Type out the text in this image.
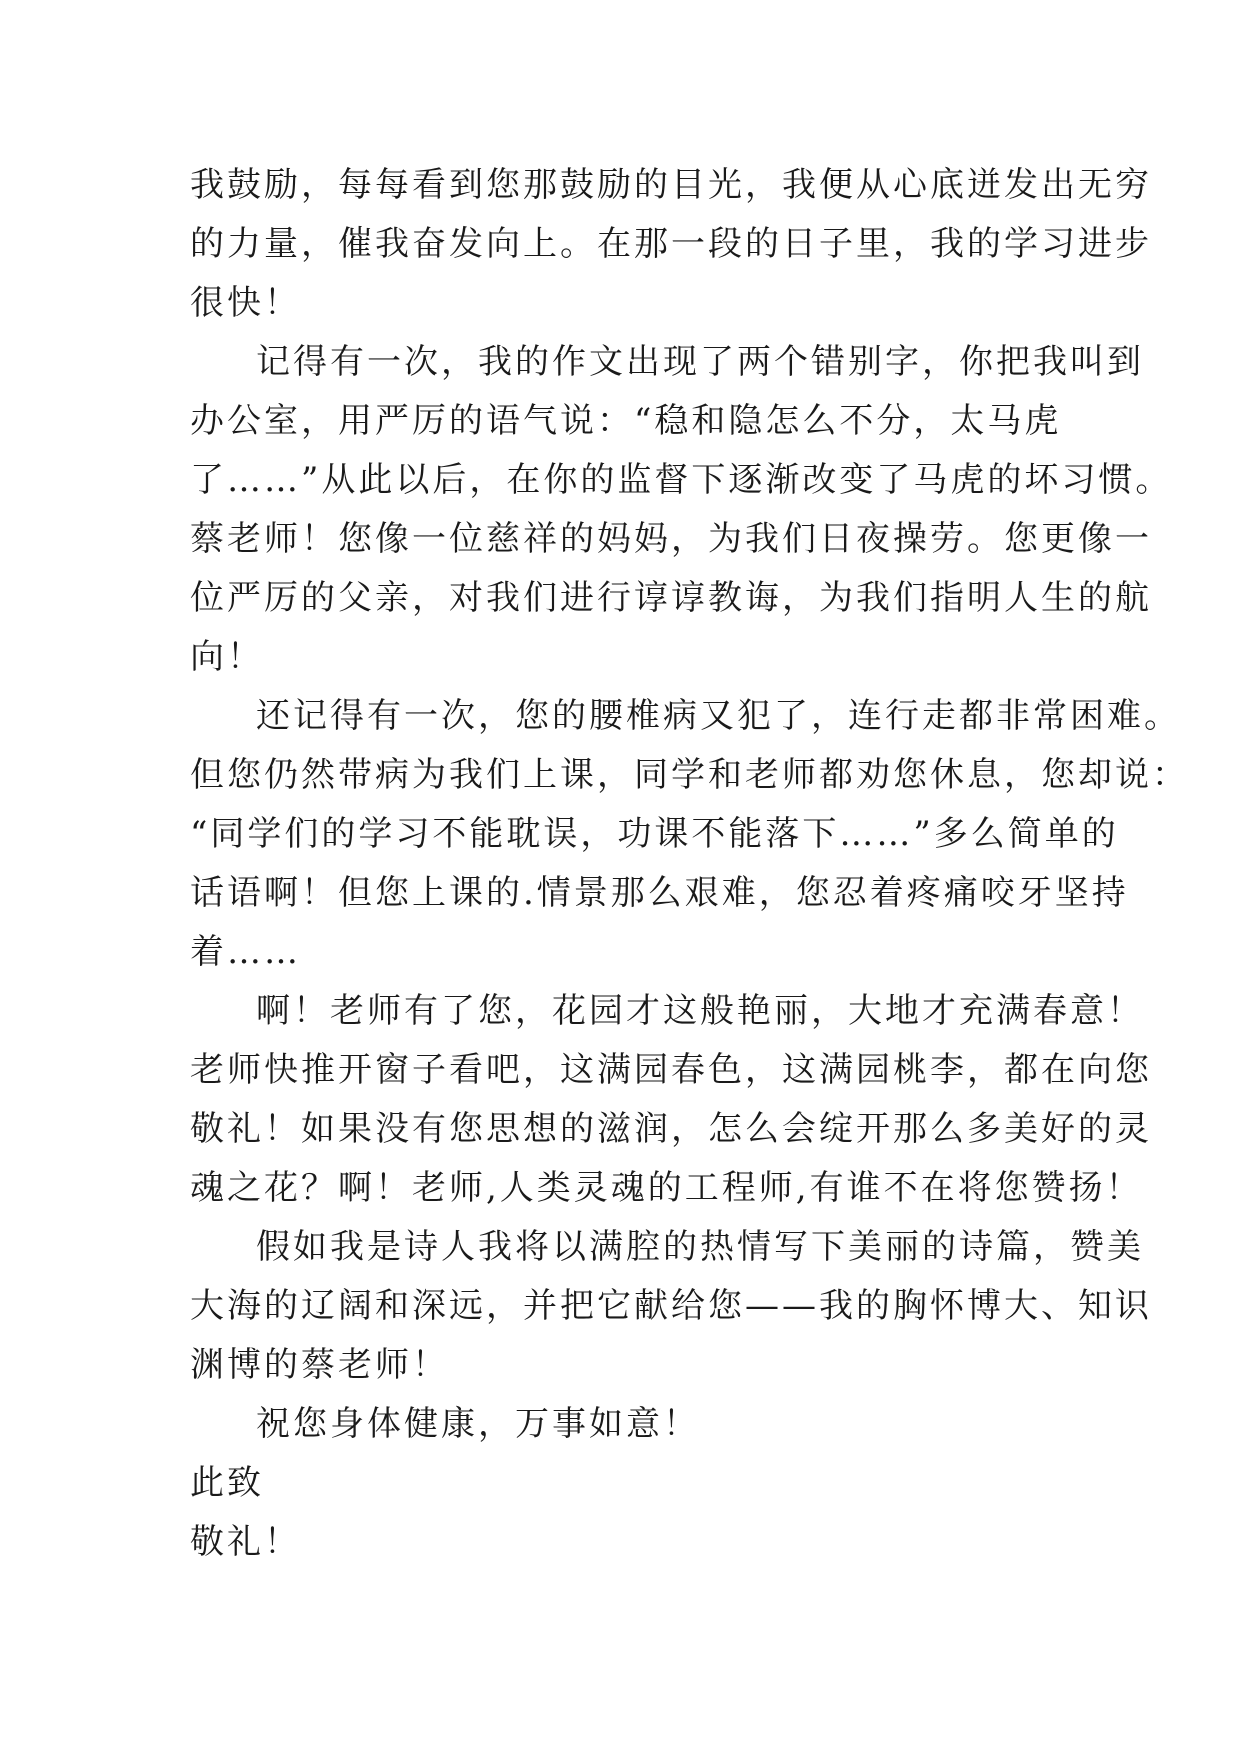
我鼓励，每每看到您那鼓励的目光，我便从心底迸发出无穷
的力量，催我奋发向上。在那一段的日子里，我的学习进步
很快！
记得有一次，我的作文出现了两个错别字，你把我叫到
办公室，用严厉的语气说：“稳和隐怎么不分，太马虎
了……”从此以后，在你的监督下逐渐改变了马虎的坏习惯。
蔡老师！您像一位慈祥的妈妈，为我们日夜操劳。您更像一
位严厉的父亲，对我们进行谆谆教诲，为我们指明人生的航
向！
还记得有一次，您的腰椎病又犯了，连行走都非常困难。
但您仍然带病为我们上课，同学和老师都劝您休息，您却说：
“同学们的学习不能耽误，功课不能落下……”多么简单的
话语啊！但您上课的.情景那么艰难，您忍着疼痛咬牙坚持
着……
啊！老师有了您，花园才这般艳丽，大地才充满春意！
老师快推开窗子看吧，这满园春色，这满园桃李，都在向您
敬礼！如果没有您思想的滋润，怎么会绽开那么多美好的灵
魂之花？啊！老师,人类灵魂的工程师,有谁不在将您赞扬！
假如我是诗人我将以满腔的热情写下美丽的诗篇，赞美
大海的辽阔和深远，并把它献给您——我的胸怀博大、知识
渊博的蔡老师！
祝您身体健康，万事如意！
此致
敬礼！
